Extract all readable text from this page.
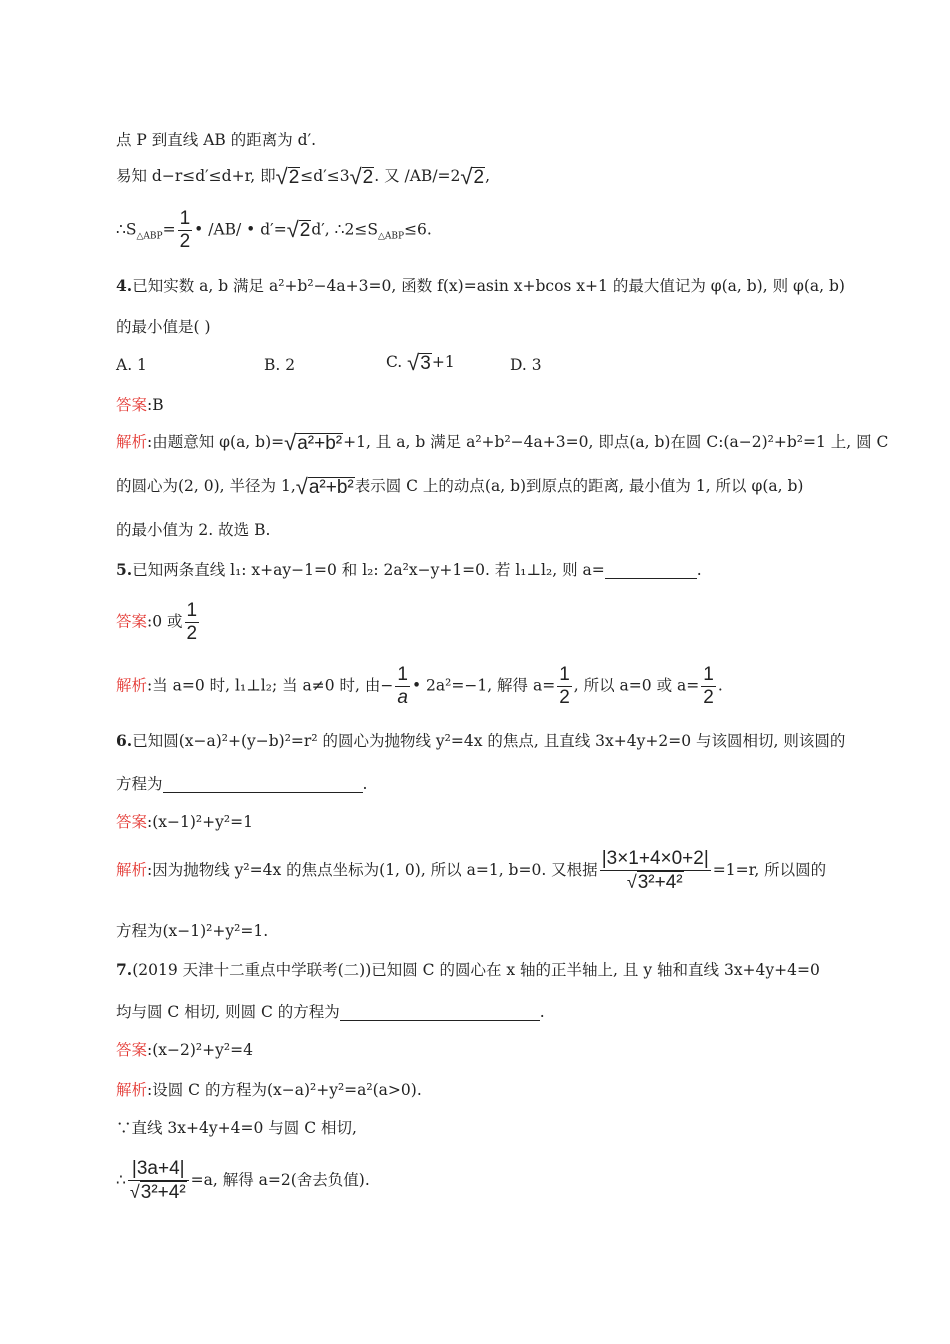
点 P 到直线 AB 的距离为 d′.
易知 d−r≤d′≤d+r, 即√2≤d′≤3√2. 又 /AB/=2√2,
$\therefore S_{\triangle ABP}= \frac{1}{2}$ • /AB/ • d′=√2d′, $\therefore 2\le S_{\triangle ABP}\le 6$.
4.已知实数 a, b 满足 a²+b²−4a+3=0, 函数 f(x)=asin x+bcos x+1 的最大值记为 φ(a, b), 则 φ(a, b)
的最小值是( )
A. 1	B. 2	C. √3+1	D. 3
答案:B
解析:由题意知 φ(a, b)=√a²+b²+1, 且 a, b 满足 a²+b²−4a+3=0, 即点(a, b)在圆 C:(a−2)²+b²=1 上, 圆 C
的圆心为(2, 0), 半径为 1,√a²+b²表示圆 C 上的动点(a, b)到原点的距离, 最小值为 1, 所以 φ(a, b)
的最小值为 2. 故选 B.
5.已知两条直线 l₁: x+ay−1=0 和 l₂: 2a²x−y+1=0. 若 l₁⊥l₂, 则 a=	.
答案:0 或 $\frac{1}{2}$
解析:当 a=0 时, l₁⊥l₂; 当 a≠0 时, 由− $\frac{1}{a}$ • 2a²=−1, 解得 $a= \frac{1}{2}$ , 所以 a=0 或 $a= \frac{1}{2}$ .
6.已知圆(x−a)²+(y−b)²=r² 的圆心为抛物线 y²=4x 的焦点, 且直线 3x+4y+2=0 与该圆相切, 则该圆的
方程为	.
答案:(x−1)²+y²=1
解析:因为抛物线 y²=4x 的焦点坐标为(1, 0), 所以 a=1, b=0. 又根据 $\frac{|3\times 1+4\times 0+2|}{\text{√3²+4²}} =1=r$, 所以圆的
方程为(x−1)²+y²=1.
7.(2019 天津十二重点中学联考(二))已知圆 C 的圆心在 x 轴的正半轴上, 且 y 轴和直线 3x+4y+4=0
均与圆 C 相切, 则圆 C 的方程为	.
答案:(x−2)²+y²=4
解析:设圆 C 的方程为(x−a)²+y²=a²(a>0).
∵直线 3x+4y+4=0 与圆 C 相切,
∴ $\frac{|3a+4|}{\text{√3²+4²}} =a$, 解得 a=2(舍去负值).
